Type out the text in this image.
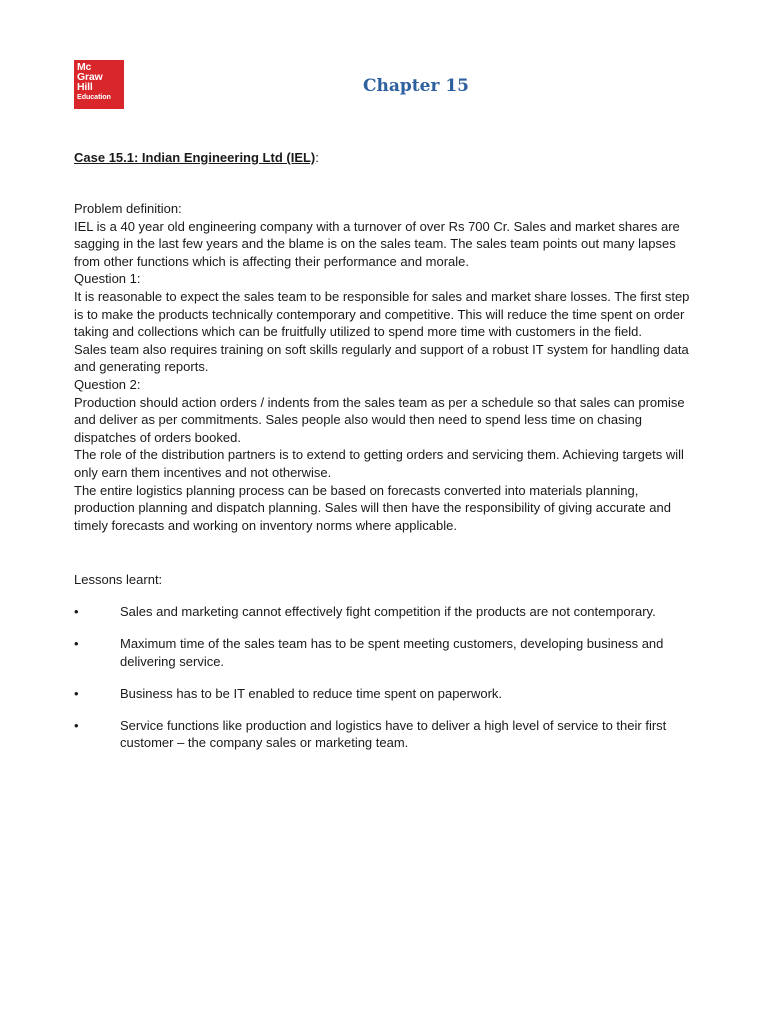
Mc
Graw
Hill
Education
Chapter 15
Case 15.1: Indian Engineering Ltd (IEL):

Problem definition:

IEL is a 40 year old engineering company with a turnover of over Rs 700 Cr. Sales and market shares are sagging in the last few years and the blame is on the sales team. The sales team points out many lapses from other functions which is affecting their performance and morale.

Question 1:

It is reasonable to expect the sales team to be responsible for sales and market share losses. The first step is to make the products technically contemporary and competitive. This will reduce the time spent on order taking and collections which can be fruitfully utilized to spend more time with customers in the field.

Sales team also requires training on soft skills regularly and support of a robust IT system for handling data and generating reports.

Question 2:

Production should action orders / indents from the sales team as per a schedule so that sales can promise and deliver as per commitments. Sales people also would then need to spend less time on chasing dispatches of orders booked.

The role of the distribution partners is to extend to getting orders and servicing them. Achieving targets will only earn them incentives and not otherwise.

The entire logistics planning process can be based on forecasts converted into materials planning, production planning and dispatch planning. Sales will then have the responsibility of giving accurate and timely forecasts and working on inventory norms where applicable.

Lessons learnt:
•	Sales and marketing cannot effectively fight competition if the products are not contemporary.
•	Maximum time of the sales team has to be spent meeting customers, developing business and delivering service.
•	Business has to be IT enabled to reduce time spent on paperwork.
•	Service functions like production and logistics have to deliver a high level of service to their first customer – the company sales or marketing team.
